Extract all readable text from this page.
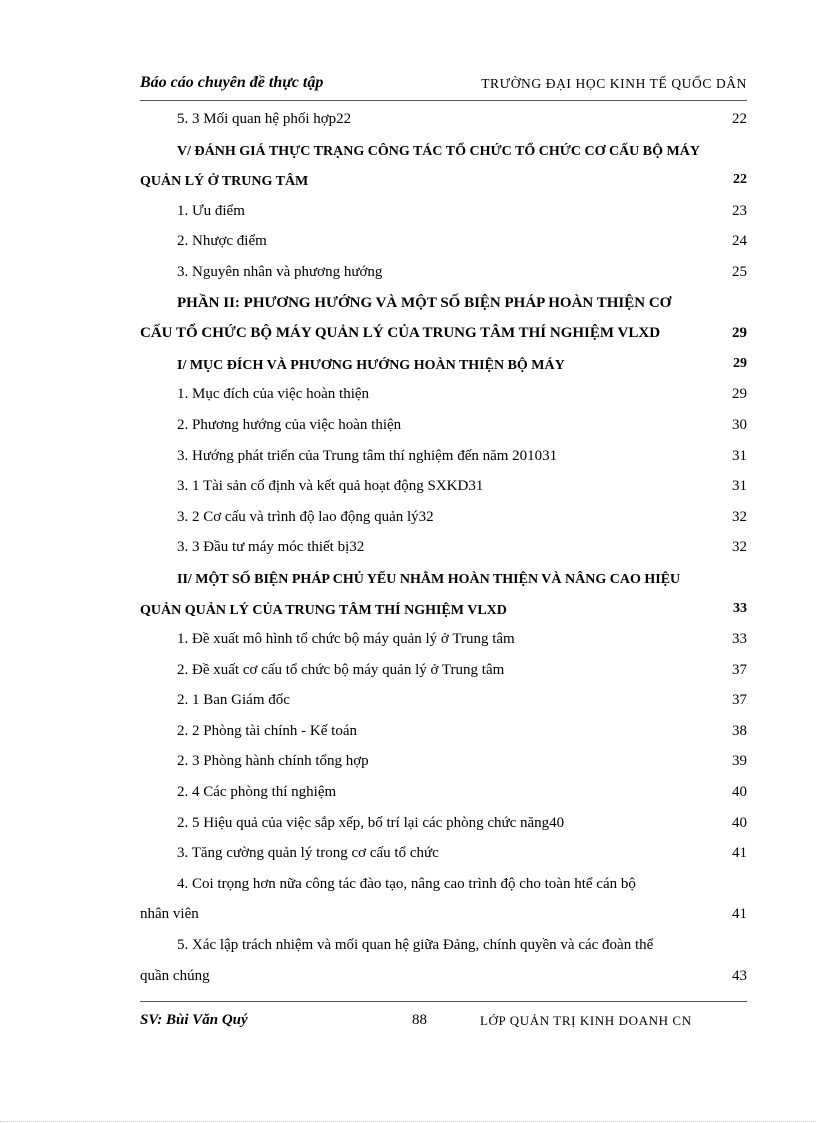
Báo cáo chuyên đề thực tập	TRƯỜNG ĐẠI HỌC KINH TẾ QUỐC DÂN
5. 3 Mối quan hệ phối hợp22	22
V/ ĐÁNH GIÁ THỰC TRẠNG CÔNG TÁC TỔ CHỨC TỔ CHỨC CƠ CẤU BỘ MÁY
QUẢN LÝ Ở TRUNG TÂM	22
1. Ưu điểm	23
2. Nhược điểm	24
3. Nguyên nhân và phương hướng	25
PHẦN II: PHƯƠNG HƯỚNG VÀ MỘT SỐ BIỆN PHÁP HOÀN THIỆN CƠ
CẤU TỔ CHỨC BỘ MÁY QUẢN LÝ CỦA TRUNG TÂM THÍ NGHIỆM VLXD	29
I/ MỤC ĐÍCH VÀ PHƯƠNG HƯỚNG HOÀN THIỆN BỘ MÁY	29
1. Mục đích của việc hoàn thiện	29
2. Phương hướng của việc hoàn thiện	30
3. Hướng phát triển của Trung tâm thí nghiệm đến năm 201031	31
3. 1 Tài sản cố định và kết quả hoạt động SXKD31	31
3. 2 Cơ cấu và trình độ lao động quản lý32	32
3. 3 Đầu tư máy móc thiết bị32	32
II/ MỘT SỐ BIỆN PHÁP CHỦ YẾU NHẰM HOÀN THIỆN VÀ NÂNG CAO HIỆU
QUẢN QUẢN LÝ CỦA TRUNG TÂM THÍ NGHIỆM VLXD	33
1. Đề xuất mô hình tổ chức bộ máy quản lý ở Trung tâm	33
2. Đề xuất cơ cấu tổ chức bộ máy quản lý ở Trung tâm	37
2. 1 Ban Giám đốc	37
2. 2 Phòng tài chính - Kế toán	38
2. 3 Phòng hành chính tổng hợp	39
2. 4 Các phòng thí nghiệm	40
2. 5 Hiệu quả của việc sắp xếp, bố trí lại các phòng chức năng40	40
3. Tăng cường quản lý trong cơ cấu tổ chức	41
4. Coi trọng hơn nữa công tác đào tạo, nâng cao trình độ cho toàn htể cán bộ
nhân viên	41
5. Xác lập trách nhiệm và mối quan hệ giữa Đảng, chính quyền và các đoàn thể
quần chúng	43
SV: Bùi Văn Quý	88	LỚP QUẢN TRỊ KINH DOANH CN
